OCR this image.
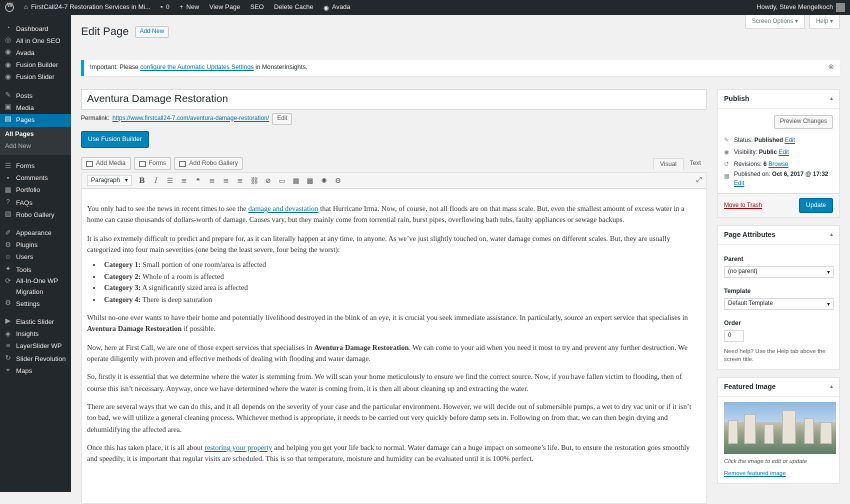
W
⌂ FirstCall24-7 Restoration Services in Mi... ▪ 0 + New	View Page	SEO	Delete Cache	◉ Avada	Howdy, Steve Mengelkoch
◔ Dashboard
◎ All in One SEO
◉ Avada
◉ Fusion Builder
◉ Fusion Slider
✎ Posts
▣ Media
▤ Pages
All Pages
Add New
☰ Forms
▪	Comments
▦ Portfolio
? FAQs
▧ Robo Gallery
✐ Appearance
⚙ Plugins
☺ Users
✦ Tools
⟳ All-In-One WP
Migration
⚙ Settings
▶ Elastic Slider
◈ Insights
≡ LayerSlider WP
↻ Slider Revolution
⌖ Maps
Screen Options ▾	Help ▾
Edit Page	Add New
Important: Please configure the Automatic Updates Settings in MonsterInsights.	⊗
Aventura Damage Restoration
Permalink: https://www.firstcall24-7.com/aventura-damage-restoration/	Edit
Use Fusion Builder
Add Media	Forms	Add Robo Gallery	Visual	Text
Paragraph ▾ B	I	☰ ≡	❝	≡ ≡ ≡ ⛓ ⊘ ▭ ▦ ▩ ✺ ⚙	⤢

You only had to see the news in recent times to see the damage and devastation that Hurricane Irma. Now, of course, not all floods are on that mass scale. But, even the smallest amount of excess water in a home can cause thousands of dollars-worth of damage. Causes vary, but they mainly come from torrential rain, burst pipes, overflowing bath tubs, faulty appliances or sewage backups.

It is also extremely difficult to predict and prepare for, as it can literally happen at any time, to anyone. As we’ve just slightly touched on, water damage comes on different scales. But, they are usually categorized into four main severities (one being the least severe, four being the worst):

• Category 1: Small portion of one room/area is affected
• Category 2: Whole of a room is affected
• Category 3: A significantly sized area is affected
• Category 4: There is deep saturation

Whilst no-one ever wants to have their home and potentially livelihood destroyed in the blink of an eye, it is crucial you seek immediate assistance. In particularly, source an expert service that specialises in Aventura Damage Restoration if possible.

Now, here at First Call, we are one of those expert services that specialises in Aventura Damage Restoration. We can come to your aid when you need it most to try and prevent any further destruction. We operate diligently with proven and effective methods of dealing with flooding and water damage.

So, firstly it is essential that we determine where the water is stemming from. We will scan your home meticulously to ensure we find the correct source. Now, if you have fallen victim to flooding, then of course this isn’t necessary. Anyway, once we have determined where the water is coming from, it is then all about cleaning up and extracting the water.

There are several ways that we can do this, and it all depends on the severity of your case and the particular environment. However, we will decide out of submersible pumps, a wet to dry vac unit or if it isn’t too bad, we will utilize a general cleaning process. Whichever method is appropriate, it needs to be carried out very quickly before damp sets in. Following on from that, we can then begin drying and dehumidifying the affected area.

Once this has taken place, it is all about restoring your property and helping you get your life back to normal. Water damage can a huge impact on someone’s life. But, to ensure the restoration goes smoothly and speedily, it is important that regular visits are scheduled. This is so that temperature, moisture and humidity can be evaluated until it is 100% perfect.

Publish	▲
Preview Changes
✎ Status: Published Edit
◉ Visibility: Public Edit
↺ Revisions: 6 Browse
▦ Published on: Oct 6, 2017 @ 17:32
Edit
Move to Trash	Update
Page Attributes	▲
Parent
(no parent)	▾
Template
Default Template	▾
Order
0
Need help? Use the Help tab above the screen title.
Featured Image	▲
Click the image to edit or update
Remove featured image
